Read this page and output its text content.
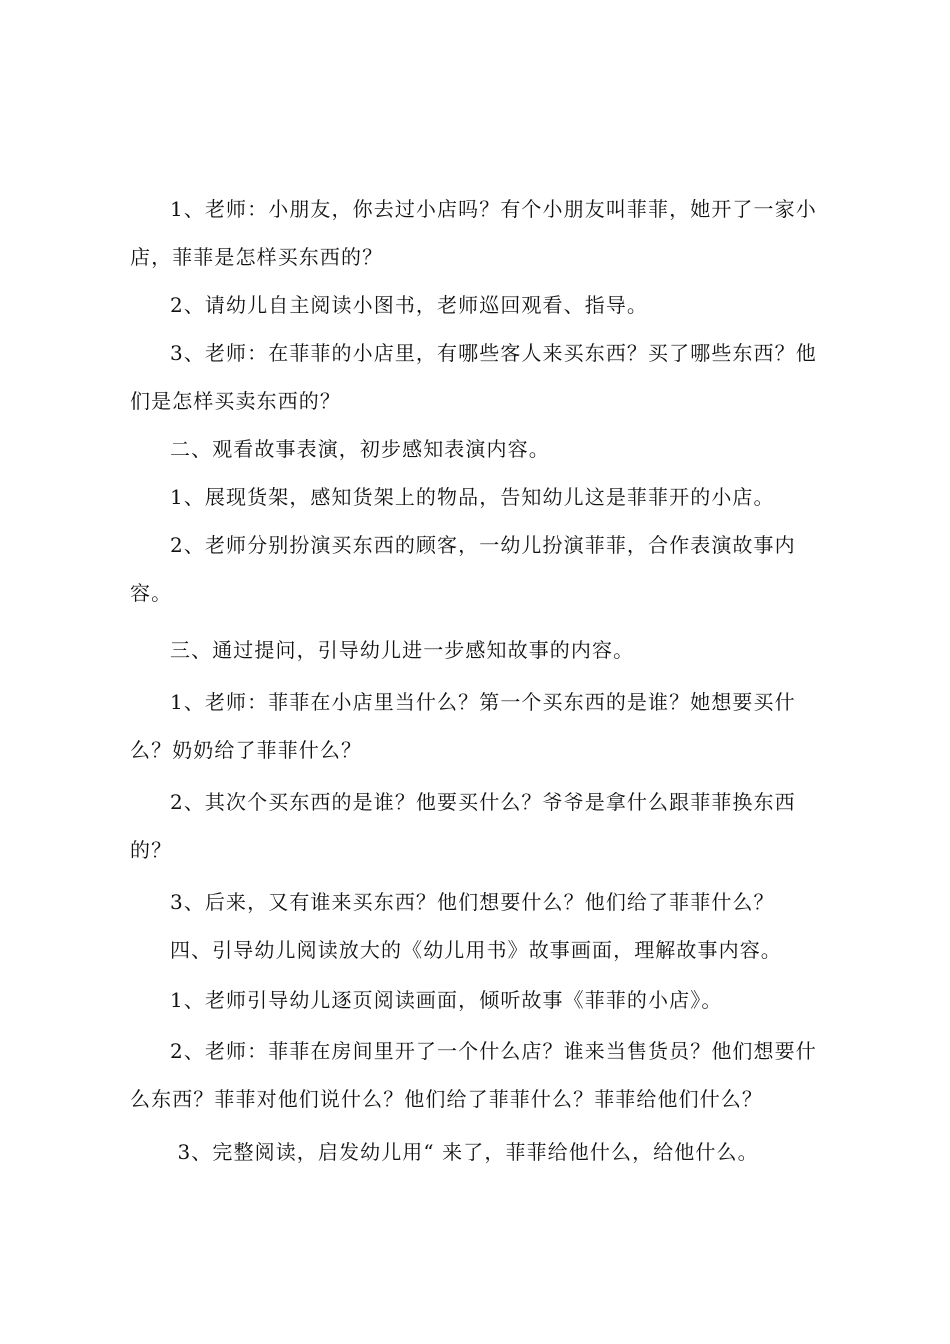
1、老师：小朋友，你去过小店吗？有个小朋友叫菲菲，她开了一家小店，菲菲是怎样买东西的？

2、请幼儿自主阅读小图书，老师巡回观看、指导。

3、老师：在菲菲的小店里，有哪些客人来买东西？买了哪些东西？他们是怎样买卖东西的？

二、观看故事表演，初步感知表演内容。

1、展现货架，感知货架上的物品，告知幼儿这是菲菲开的小店。

2、老师分别扮演买东西的顾客，一幼儿扮演菲菲，合作表演故事内容。

三、通过提问，引导幼儿进一步感知故事的内容。

1、老师：菲菲在小店里当什么？第一个买东西的是谁？她想要买什么？奶奶给了菲菲什么？

2、其次个买东西的是谁？他要买什么？爷爷是拿什么跟菲菲换东西的？

3、后来，又有谁来买东西？他们想要什么？他们给了菲菲什么？

四、引导幼儿阅读放大的《幼儿用书》故事画面，理解故事内容。

1、老师引导幼儿逐页阅读画面，倾听故事《菲菲的小店》。

2、老师：菲菲在房间里开了一个什么店？谁来当售货员？他们想要什么东西？菲菲对他们说什么？他们给了菲菲什么？菲菲给他们什么？

3、完整阅读，启发幼儿用“ 来了，菲菲给他什么，给他什么。
